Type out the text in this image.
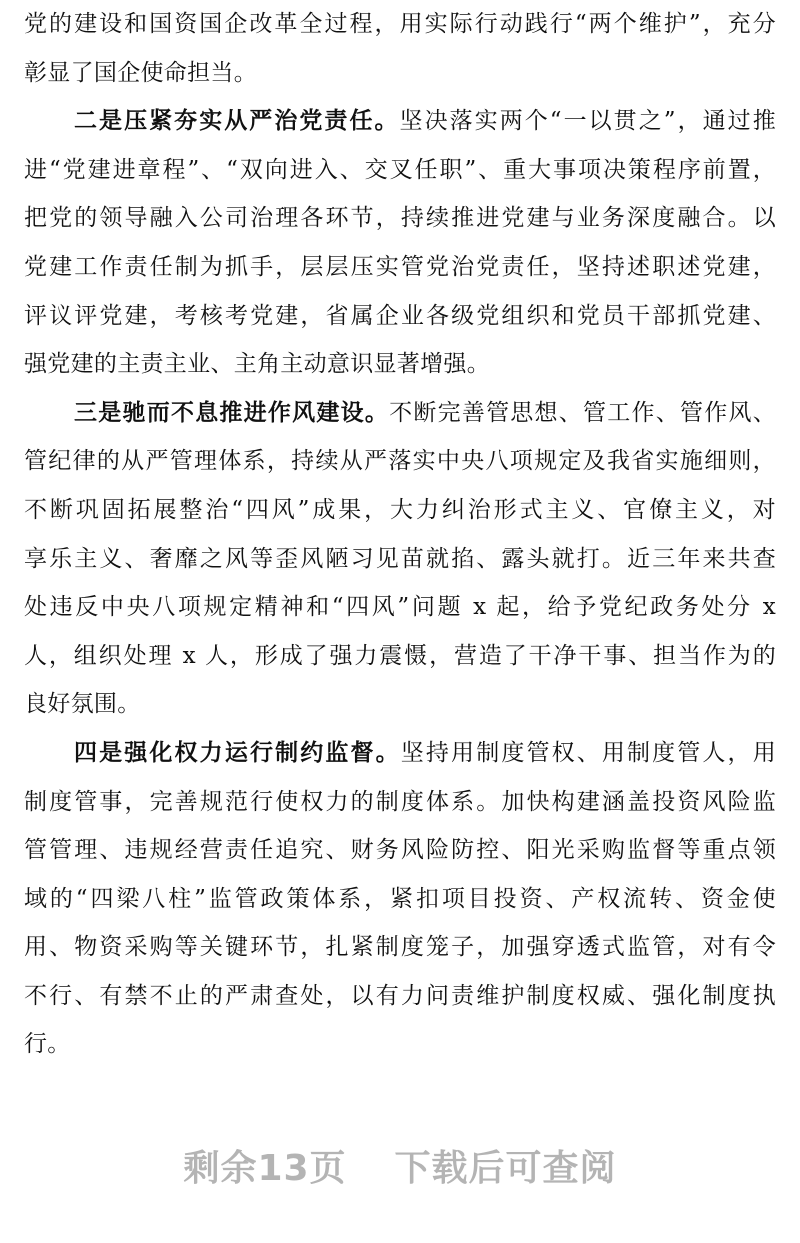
党的建设和国资国企改革全过程，用实际行动践行“两个维护”，充分
彰显了国企使命担当。
二是压紧夯实从严治党责任。坚决落实两个“一以贯之”，通过推
进“党建进章程”、“双向进入、交叉任职”、重大事项决策程序前置，
把党的领导融入公司治理各环节，持续推进党建与业务深度融合。以
党建工作责任制为抓手，层层压实管党治党责任，坚持述职述党建，
评议评党建，考核考党建，省属企业各级党组织和党员干部抓党建、
强党建的主责主业、主角主动意识显著增强。
三是驰而不息推进作风建设。不断完善管思想、管工作、管作风、
管纪律的从严管理体系，持续从严落实中央八项规定及我省实施细则，
不断巩固拓展整治“四风”成果，大力纠治形式主义、官僚主义，对
享乐主义、奢靡之风等歪风陋习见苗就掐、露头就打。近三年来共查
处违反中央八项规定精神和“四风”问题 x 起，给予党纪政务处分 x
人，组织处理 x 人，形成了强力震慑，营造了干净干事、担当作为的
良好氛围。
四是强化权力运行制约监督。坚持用制度管权、用制度管人，用
制度管事，完善规范行使权力的制度体系。加快构建涵盖投资风险监
管管理、违规经营责任追究、财务风险防控、阳光采购监督等重点领
域的“四梁八柱”监管政策体系，紧扣项目投资、产权流转、资金使
用、物资采购等关键环节，扎紧制度笼子，加强穿透式监管，对有令
不行、有禁不止的严肃查处，以有力问责维护制度权威、强化制度执
行。
剩余13页 下载后可查阅
